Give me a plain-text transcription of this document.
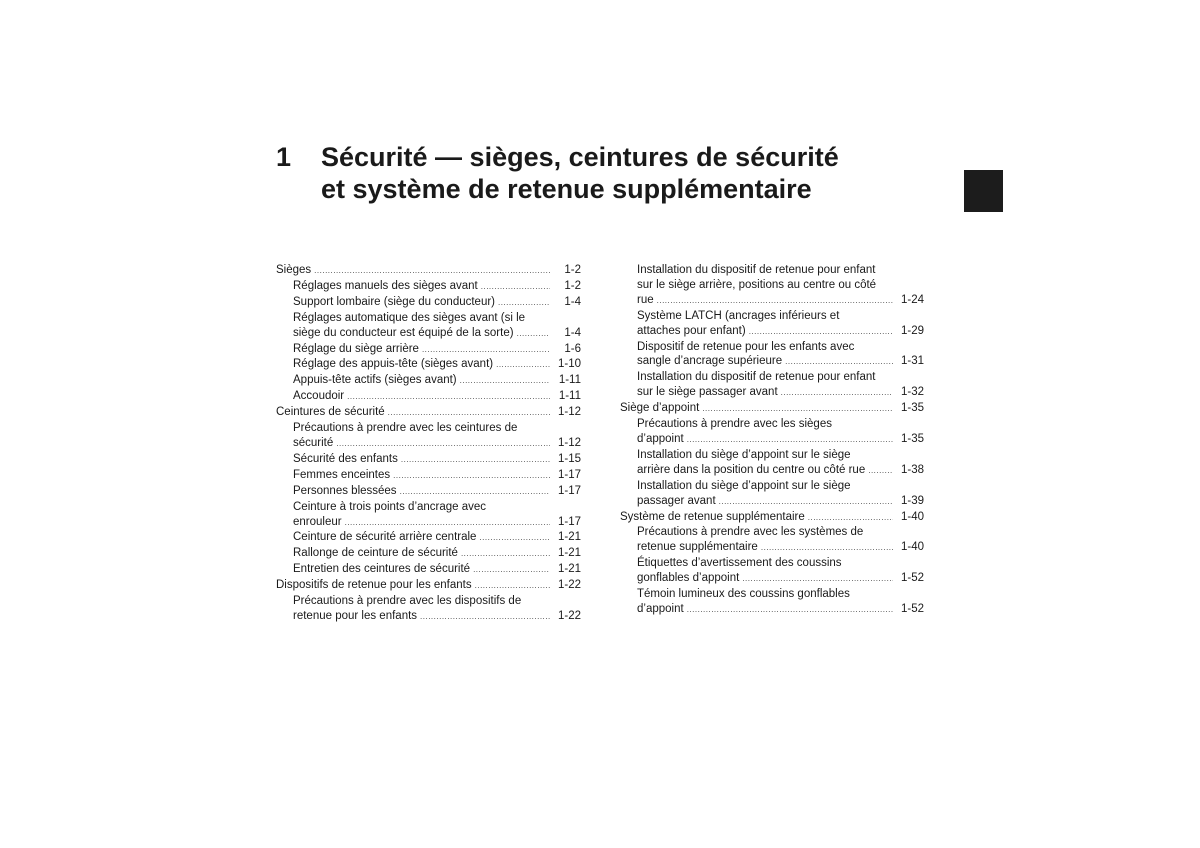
1 Sécurité — sièges, ceintures de sécurité
et système de retenue supplémentaire
Sièges .....	1-2
Réglages manuels des sièges avant .....	1-2
Support lombaire (siège du conducteur) .....	1-4
Réglages automatique des sièges avant (si le
siège du conducteur est équipé de la sorte) .....	1-4
Réglage du siège arrière .....	1-6
Réglage des appuis-tête (sièges avant) .....	1-10
Appuis-tête actifs (sièges avant) .....	1-11
Accoudoir .....	1-11
Ceintures de sécurité .....	1-12
Précautions à prendre avec les ceintures de
sécurité .....	1-12
Sécurité des enfants .....	1-15
Femmes enceintes .....	1-17
Personnes blessées .....	1-17
Ceinture à trois points d’ancrage avec
enrouleur .....	1-17
Ceinture de sécurité arrière centrale .....	1-21
Rallonge de ceinture de sécurité .....	1-21
Entretien des ceintures de sécurité .....	1-21
Dispositifs de retenue pour les enfants .....	1-22
Précautions à prendre avec les dispositifs de
retenue pour les enfants .....	1-22
Installation du dispositif de retenue pour enfant
sur le siège arrière, positions au centre ou côté
rue .....	1-24
Système LATCH (ancrages inférieurs et
attaches pour enfant) .....	1-29
Dispositif de retenue pour les enfants avec
sangle d’ancrage supérieure .....	1-31
Installation du dispositif de retenue pour enfant
sur le siège passager avant .....	1-32
Siège d’appoint .....	1-35
Précautions à prendre avec les sièges
d’appoint .....	1-35
Installation du siège d’appoint sur le siège
arrière dans la position du centre ou côté rue .....	1-38
Installation du siège d’appoint sur le siège
passager avant .....	1-39
Système de retenue supplémentaire .....	1-40
Précautions à prendre avec les systèmes de
retenue supplémentaire .....	1-40
Étiquettes d’avertissement des coussins
gonflables d’appoint .....	1-52
Témoin lumineux des coussins gonflables
d’appoint .....	1-52
